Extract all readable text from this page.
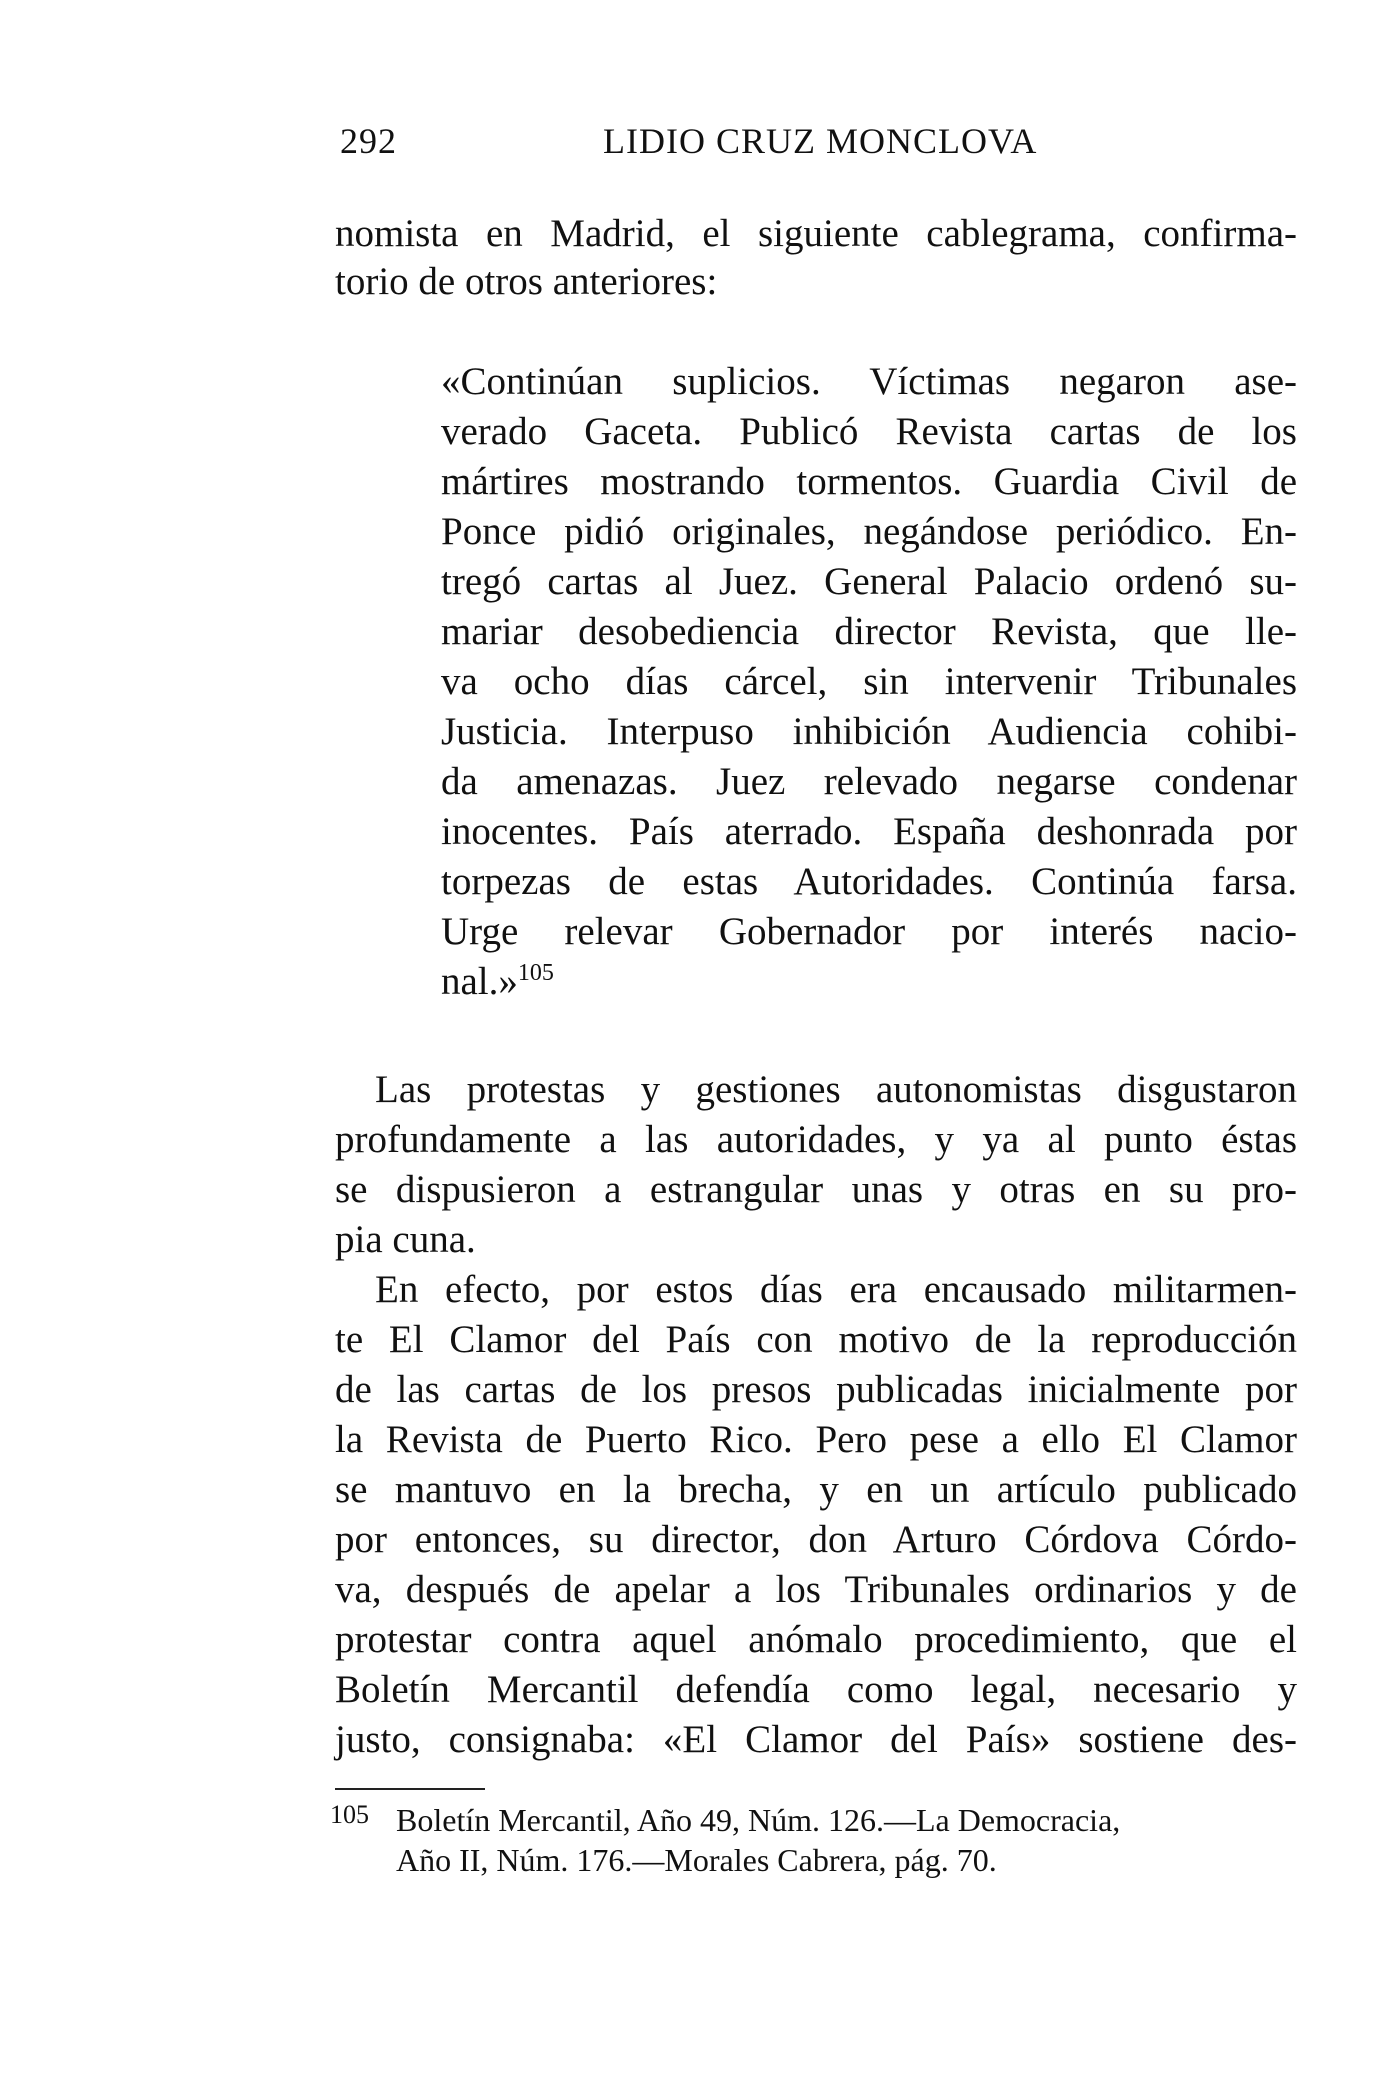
292	LIDIO CRUZ MONCLOVA
nomista en Madrid, el siguiente cablegrama, confirma-
torio de otros anteriores:
«Continúan suplicios. Víctimas negaron ase-
verado Gaceta. Publicó Revista cartas de los
mártires mostrando tormentos. Guardia Civil de
Ponce pidió originales, negándose periódico. En-
tregó cartas al Juez. General Palacio ordenó su-
mariar desobediencia director Revista, que lle-
va ocho días cárcel, sin intervenir Tribunales
Justicia. Interpuso inhibición Audiencia cohibi-
da amenazas. Juez relevado negarse condenar
inocentes. País aterrado. España deshonrada por
torpezas de estas Autoridades. Continúa farsa.
Urge relevar Gobernador por interés nacio-
nal.»$^{105}$
Las protestas y gestiones autonomistas disgustaron
profundamente a las autoridades, y ya al punto éstas
se dispusieron a estrangular unas y otras en su pro-
pia cuna.
En efecto, por estos días era encausado militarmen-
te El Clamor del País con motivo de la reproducción
de las cartas de los presos publicadas inicialmente por
la Revista de Puerto Rico. Pero pese a ello El Clamor
se mantuvo en la brecha, y en un artículo publicado
por entonces, su director, don Arturo Córdova Córdo-
va, después de apelar a los Tribunales ordinarios y de
protestar contra aquel anómalo procedimiento, que el
Boletín Mercantil defendía como legal, necesario y
justo, consignaba: «El Clamor del País» sostiene des-
105 Boletín Mercantil, Año 49, Núm. 126.—La Democracia,
Año II, Núm. 176.—Morales Cabrera, pág. 70.
